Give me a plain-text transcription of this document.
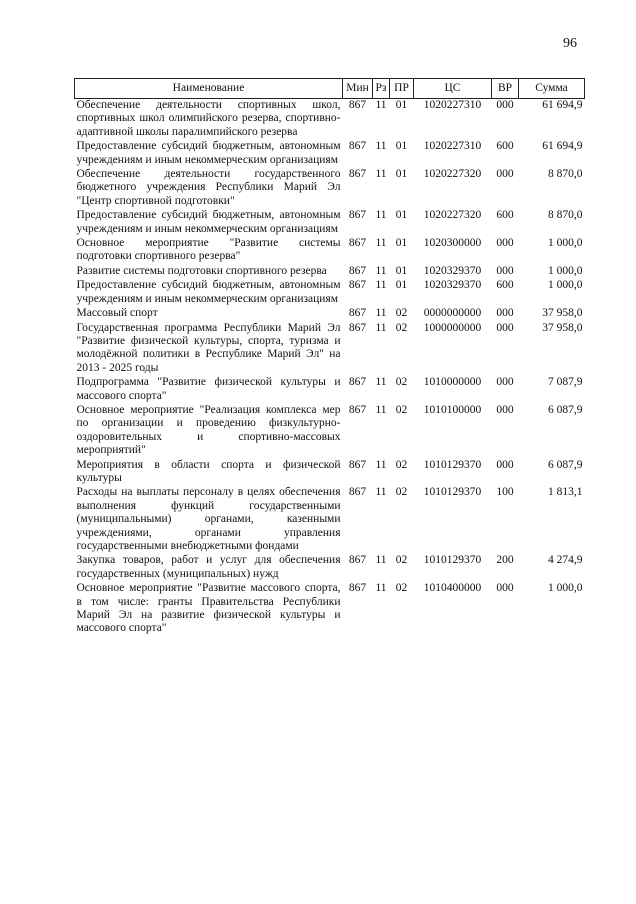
96
Наименование	Мин	Рз	ПР	ЦС	ВР	Сумма
Обеспечение деятельности спортивных школ, спортивных школ олимпийского резерва, спортивно-адаптивной школы паралимпийского резерва	867	11	01	1020227310	000	61 694,9
Предоставление субсидий бюджетным, автономным учреждениям и иным некоммерческим организациям	867	11	01	1020227310	600	61 694,9
Обеспечение деятельности государственного бюджетного учреждения Республики Марий Эл "Центр спортивной подготовки"	867	11	01	1020227320	000	8 870,0
Предоставление субсидий бюджетным, автономным учреждениям и иным некоммерческим организациям	867	11	01	1020227320	600	8 870,0
Основное мероприятие "Развитие системы подготовки спортивного резерва"	867	11	01	1020300000	000	1 000,0
Развитие системы подготовки спортивного резерва	867	11	01	1020329370	000	1 000,0
Предоставление субсидий бюджетным, автономным учреждениям и иным некоммерческим организациям	867	11	01	1020329370	600	1 000,0
Массовый спорт	867	11	02	0000000000	000	37 958,0
Государственная программа Республики Марий Эл "Развитие физической культуры, спорта, туризма и молодёжной политики в Республике Марий Эл" на 2013 - 2025 годы	867	11	02	1000000000	000	37 958,0
Подпрограмма "Развитие физической культуры и массового спорта"	867	11	02	1010000000	000	7 087,9
Основное мероприятие "Реализация комплекса мер по организации и проведению физкультурно-оздоровительных и спортивно-массовых мероприятий"	867	11	02	1010100000	000	6 087,9
Мероприятия в области спорта и физической культуры	867	11	02	1010129370	000	6 087,9
Расходы на выплаты персоналу в целях обеспечения выполнения функций государственными (муниципальными) органами, казенными учреждениями, органами управления государственными внебюджетными фондами	867	11	02	1010129370	100	1 813,1
Закупка товаров, работ и услуг для обеспечения государственных (муниципальных) нужд	867	11	02	1010129370	200	4 274,9
Основное мероприятие "Развитие массового спорта, в том числе: гранты Правительства Республики Марий Эл на развитие физической культуры и массового спорта"	867	11	02	1010400000	000	1 000,0
